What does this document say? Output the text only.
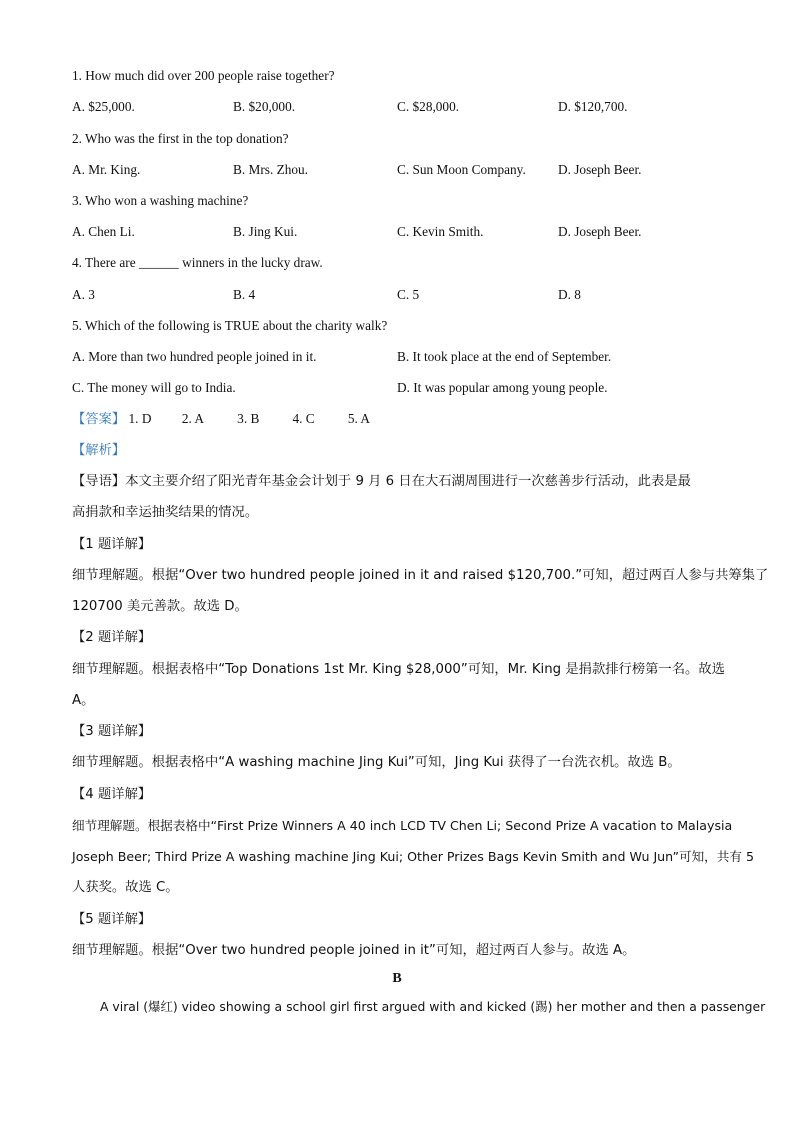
1. How much did over 200 people raise together?
A. $25,000.	B. $20,000.	C. $28,000.	D. $120,700.
2. Who was the first in the top donation?
A. Mr. King.	B. Mrs. Zhou.	C. Sun Moon Company. D. Joseph Beer.
3. Who won a washing machine?
A. Chen Li.	B. Jing Kui.	C. Kevin Smith.	D. Joseph Beer.
4. There are ______ winners in the lucky draw.
A. 3	B. 4	C. 5	D. 8
5. Which of the following is TRUE about the charity walk?
A. More than two hundred people joined in it.	B. It took place at the end of September.
C. The money will go to India.	D. It was popular among young people.
【答案】 1. D 2. A 3. B 4. C 5. A
【解析】
【导语】本文主要介绍了阳光青年基金会计划于 9 月 6 日在大石湖周围进行一次慈善步行活动，此表是最
高捐款和幸运抽奖结果的情况。
【1 题详解】
细节理解题。根据“Over two hundred people joined in it and raised $120,700.”可知，超过两百人参与共筹集了
120700 美元善款。故选 D。
【2 题详解】
细节理解题。根据表格中“Top Donations 1st Mr. King $28,000”可知，Mr. King 是捐款排行榜第一名。故选
A。
【3 题详解】
细节理解题。根据表格中“A washing machine Jing Kui”可知，Jing Kui 获得了一台洗衣机。故选 B。
【4 题详解】
细节理解题。根据表格中“First Prize Winners A 40 inch LCD TV Chen Li; Second Prize A vacation to Malaysia
Joseph Beer; Third Prize A washing machine Jing Kui; Other Prizes Bags Kevin Smith and Wu Jun”可知，共有 5
人获奖。故选 C。
【5 题详解】
细节理解题。根据“Over two hundred people joined in it”可知，超过两百人参与。故选 A。
B
A viral (爆红) video showing a school girl first argued with and kicked (踢) her mother and then a passenger
